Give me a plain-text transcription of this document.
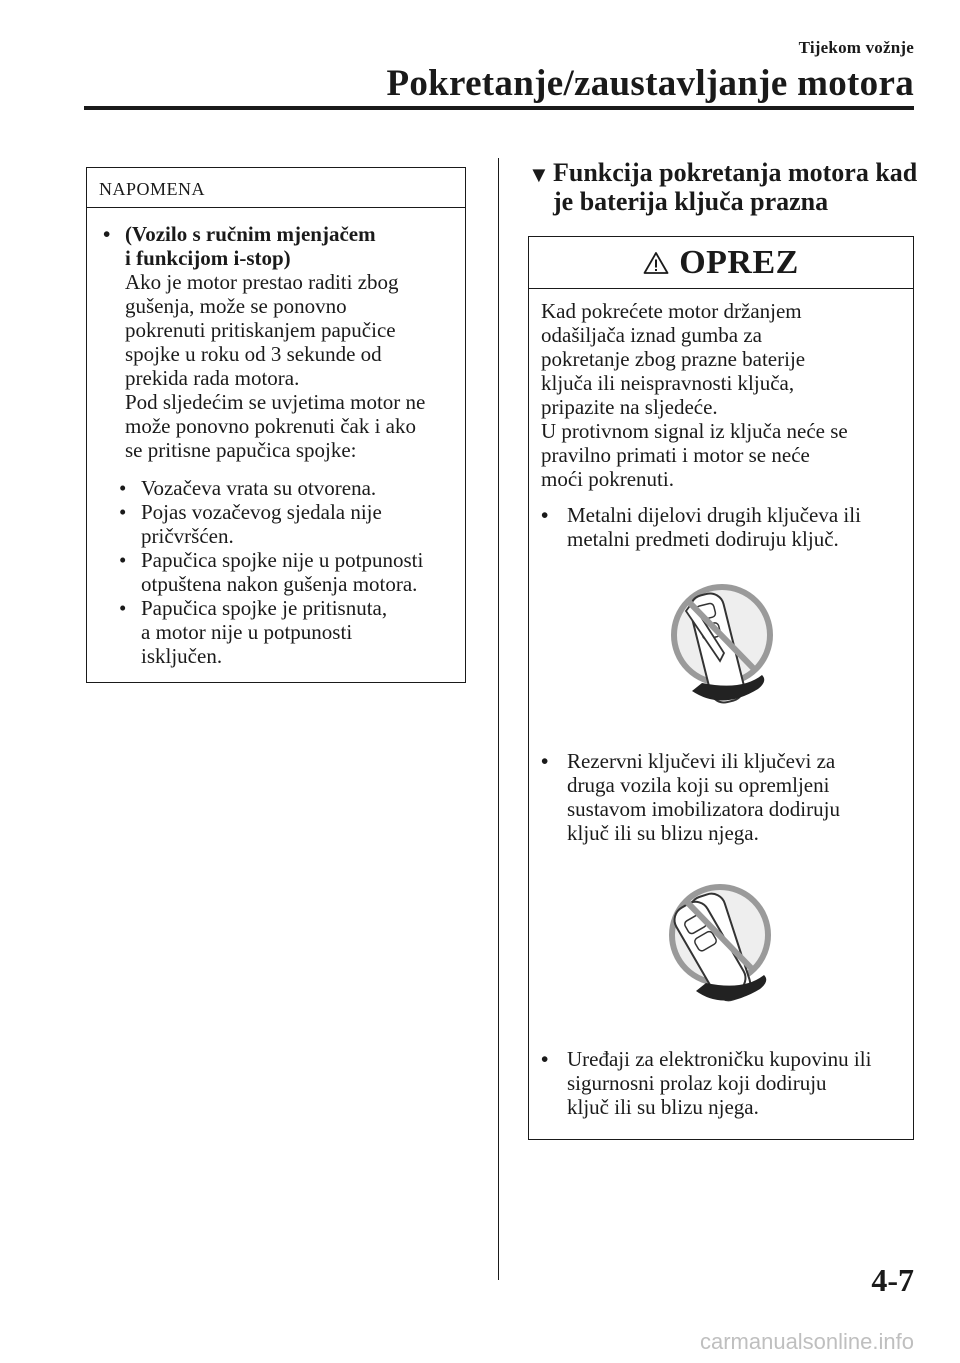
Tijekom vožnje
Pokretanje/zaustavljanje motora
NAPOMENA
• (Vozilo s ručnim mjenjačem
i funkcijom i-stop)
Ako je motor prestao raditi zbog
gušenja, može se ponovno
pokrenuti pritiskanjem papučice
spojke u roku od 3 sekunde od
prekida rada motora.
Pod sljedećim se uvjetima motor ne
može ponovno pokrenuti čak i ako
se pritisne papučica spojke:
• Vozačeva vrata su otvorena.
• Pojas vozačevog sjedala nije
pričvršćen.
• Papučica spojke nije u potpunosti
otpuštena nakon gušenja motora.
• Papučica spojke je pritisnuta,
a motor nije u potpunosti
isključen.
▼ Funkcija pokretanja motora kad
je baterija ključa prazna
OPREZ
Kad pokrećete motor držanjem
odašiljača iznad gumba za
pokretanje zbog prazne baterije
ključa ili neispravnosti ključa,
pripazite na sljedeće.
U protivnom signal iz ključa neće se
pravilno primati i motor se neće
moći pokrenuti.
• Metalni dijelovi drugih ključeva ili
metalni predmeti dodiruju ključ.
• Rezervni ključevi ili ključevi za
druga vozila koji su opremljeni
sustavom imobilizatora dodiruju
ključ ili su blizu njega.
• Uređaji za elektroničku kupovinu ili
sigurnosni prolaz koji dodiruju
ključ ili su blizu njega.
4-7
carmanualsonline.info
